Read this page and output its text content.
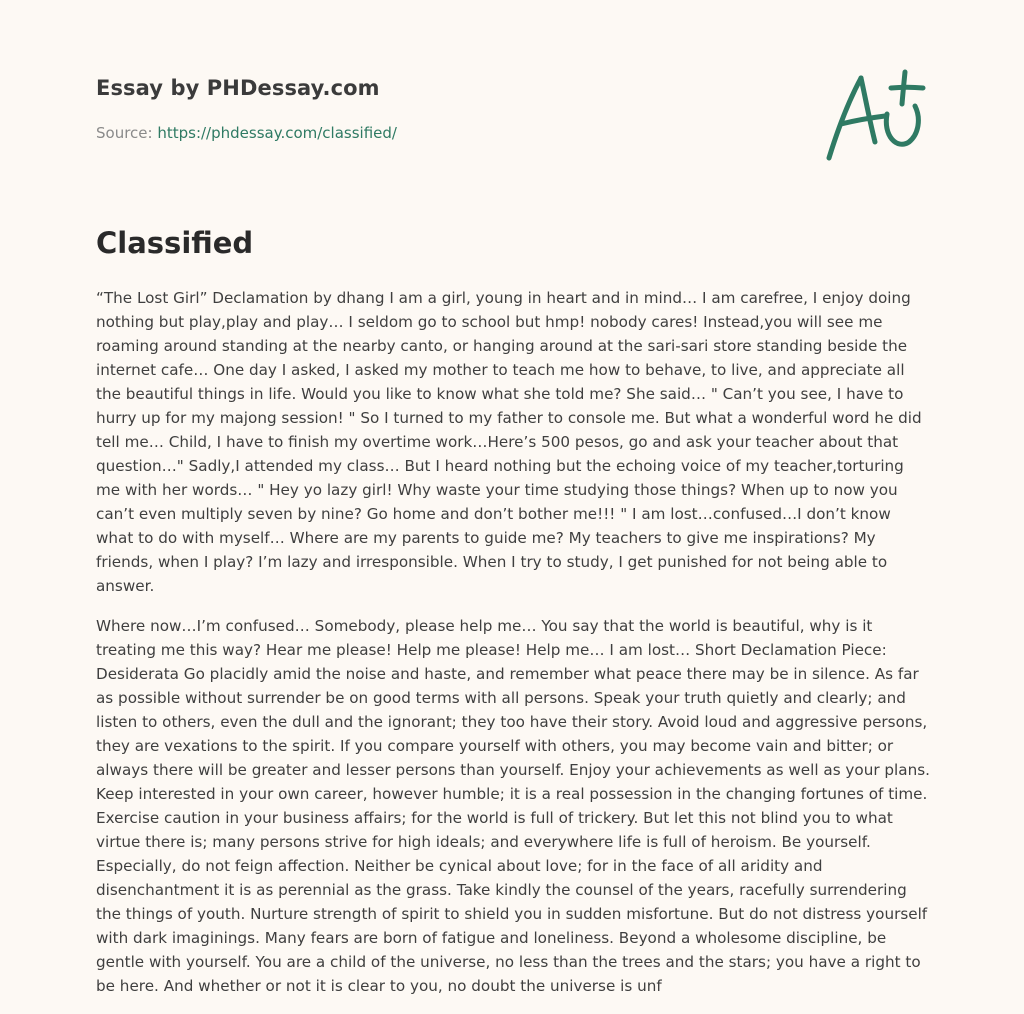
Essay by PHDessay.com
Source: https://phdessay.com/classified/
Classified

“The Lost Girl” Declamation by dhang I am a girl, young in heart and in mind… I am carefree, I enjoy doing nothing but play,play and play… I seldom go to school but hmp! nobody cares! Instead,you will see me roaming around standing at the nearby canto, or hanging around at the sari-sari store standing beside the internet cafe… One day I asked, I asked my mother to teach me how to behave, to live, and appreciate all the beautiful things in life. Would you like to know what she told me? She said… " Can’t you see, I have to hurry up for my majong session! " So I turned to my father to console me. But what a wonderful word he did tell me… Child, I have to finish my overtime work…Here’s 500 pesos, go and ask your teacher about that question…" Sadly,I attended my class… But I heard nothing but the echoing voice of my teacher,torturing me with her words… " Hey yo lazy girl! Why waste your time studying those things? When up to now you can’t even multiply seven by nine? Go home and don’t bother me!!! " I am lost…confused…I don’t know what to do with myself… Where are my parents to guide me? My teachers to give me inspirations? My friends, when I play? I’m lazy and irresponsible. When I try to study, I get punished for not being able to answer.

Where now…I’m confused… Somebody, please help me… You say that the world is beautiful, why is it treating me this way? Hear me please! Help me please! Help me… I am lost… Short Declamation Piece: Desiderata Go placidly amid the noise and haste, and remember what peace there may be in silence. As far as possible without surrender be on good terms with all persons. Speak your truth quietly and clearly; and listen to others, even the dull and the ignorant; they too have their story. Avoid loud and aggressive persons, they are vexations to the spirit. If you compare yourself with others, you may become vain and bitter; or always there will be greater and lesser persons than yourself. Enjoy your achievements as well as your plans. Keep interested in your own career, however humble; it is a real possession in the changing fortunes of time. Exercise caution in your business affairs; for the world is full of trickery. But let this not blind you to what virtue there is; many persons strive for high ideals; and everywhere life is full of heroism. Be yourself. Especially, do not feign affection. Neither be cynical about love; for in the face of all aridity and disenchantment it is as perennial as the grass. Take kindly the counsel of the years, racefully surrendering the things of youth. Nurture strength of spirit to shield you in sudden misfortune. But do not distress yourself with dark imaginings. Many fears are born of fatigue and loneliness. Beyond a wholesome discipline, be gentle with yourself. You are a child of the universe, no less than the trees and the stars; you have a right to be here. And whether or not it is clear to you, no doubt the universe is unf
